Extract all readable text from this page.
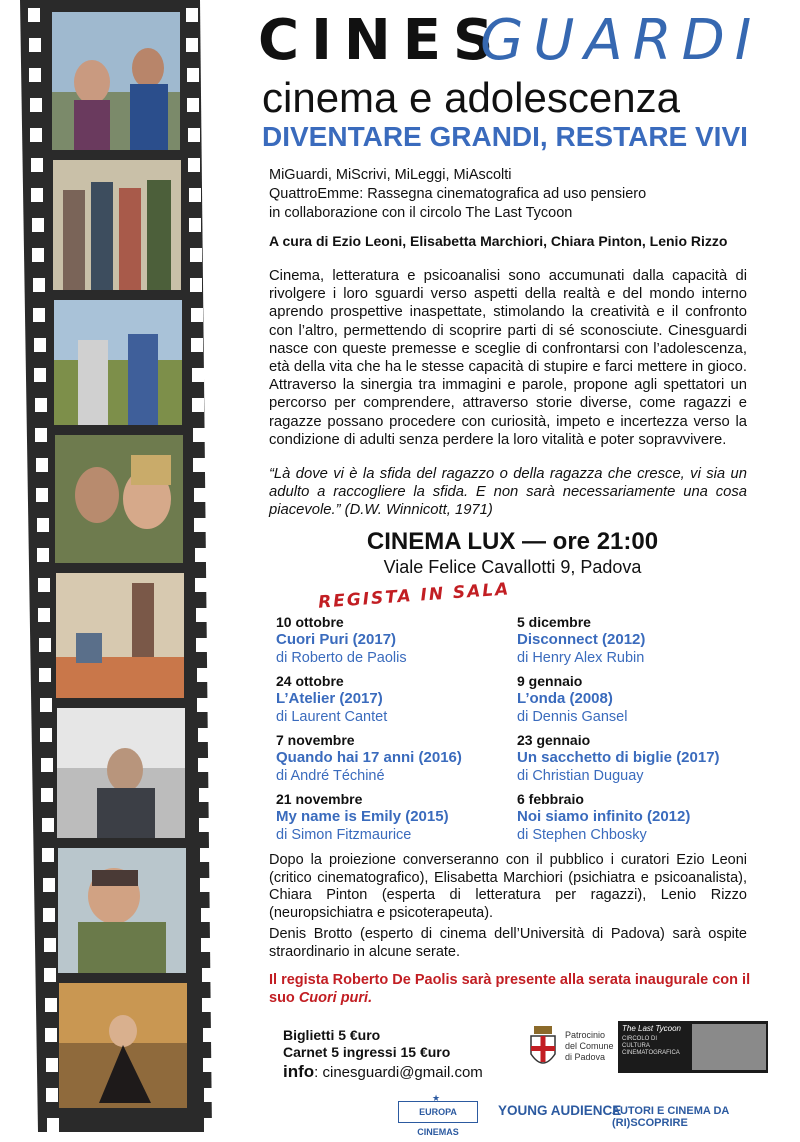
CINES
GUARDI
cinema e adolescenza
DIVENTARE GRANDI, RESTARE VIVI
MiGuardi, MiScrivi, MiLeggi, MiAscolti
QuattroEmme: Rassegna cinematografica ad uso pensiero
in collaborazione con il circolo The Last Tycoon
A cura di Ezio Leoni, Elisabetta Marchiori, Chiara Pinton, Lenio Rizzo
Cinema, letteratura e psicoanalisi sono accumunati dalla capacità di rivolgere i loro sguardi verso aspetti della realtà e del mondo interno aprendo prospettive inaspettate, stimolando la creatività e il confronto con l’altro, permettendo di scoprire parti di sé sconosciute. Cinesguardi nasce con queste premesse e sceglie di confrontarsi con l’adolescenza, età della vita che ha le stesse capacità di stupire e farci mettere in gioco. Attraverso la sinergia tra immagini e parole, propone agli spettatori un percorso per comprendere, attraverso storie diverse, come ragazzi e ragazze possano procedere con curiosità, impeto e incertezza verso la condizione di adulti senza perdere la loro vitalità e poter sopravvivere.
“Là dove vi è la sfida del ragazzo o della ragazza che cresce, vi sia un adulto a raccogliere la sfida. E non sarà necessariamente una cosa piacevole.” (D.W. Winnicott, 1971)
CINEMA LUX — ore 21:00
Viale Felice Cavallotti 9, Padova
REGISTA IN SALA
10 ottobre
Cuori Puri (2017)
di Roberto de Paolis
24 ottobre
L’Atelier (2017)
di Laurent Cantet
7 novembre
Quando hai 17 anni (2016)
di André Téchiné
21 novembre
My name is Emily (2015)
di Simon Fitzmaurice
5 dicembre
Disconnect (2012)
di Henry Alex Rubin
9 gennaio
L’onda (2008)
di Dennis Gansel
23 gennaio
Un sacchetto di biglie (2017)
di Christian Duguay
6 febbraio
Noi siamo infinito (2012)
di Stephen Chbosky
Dopo la proiezione converseranno con il pubblico i curatori Ezio Leoni (critico cinematografico), Elisabetta Marchiori (psichiatra e psicoanalista), Chiara Pinton (esperta di letteratura per ragazzi), Lenio Rizzo (neuropsichiatra e psicoterapeuta).
Denis Brotto (esperto di cinema dell’Università di Padova) sarà ospite straordinario in alcune serate.
Il regista Roberto De Paolis sarà presente alla serata inaugurale con il suo Cuori puri.
Biglietti 5 €uro
Carnet 5 ingressi 15 €uro
info: cinesguardi@gmail.com
Patrocinio
del Comune
di Padova
The Last Tycoon
CIRCOLO DI CULTURA CINEMATOGRAFICA
★
EUROPA CINEMAS
YOUNG AUDIENCE
AUTORI E CINEMA DA (RI)SCOPRIRE
